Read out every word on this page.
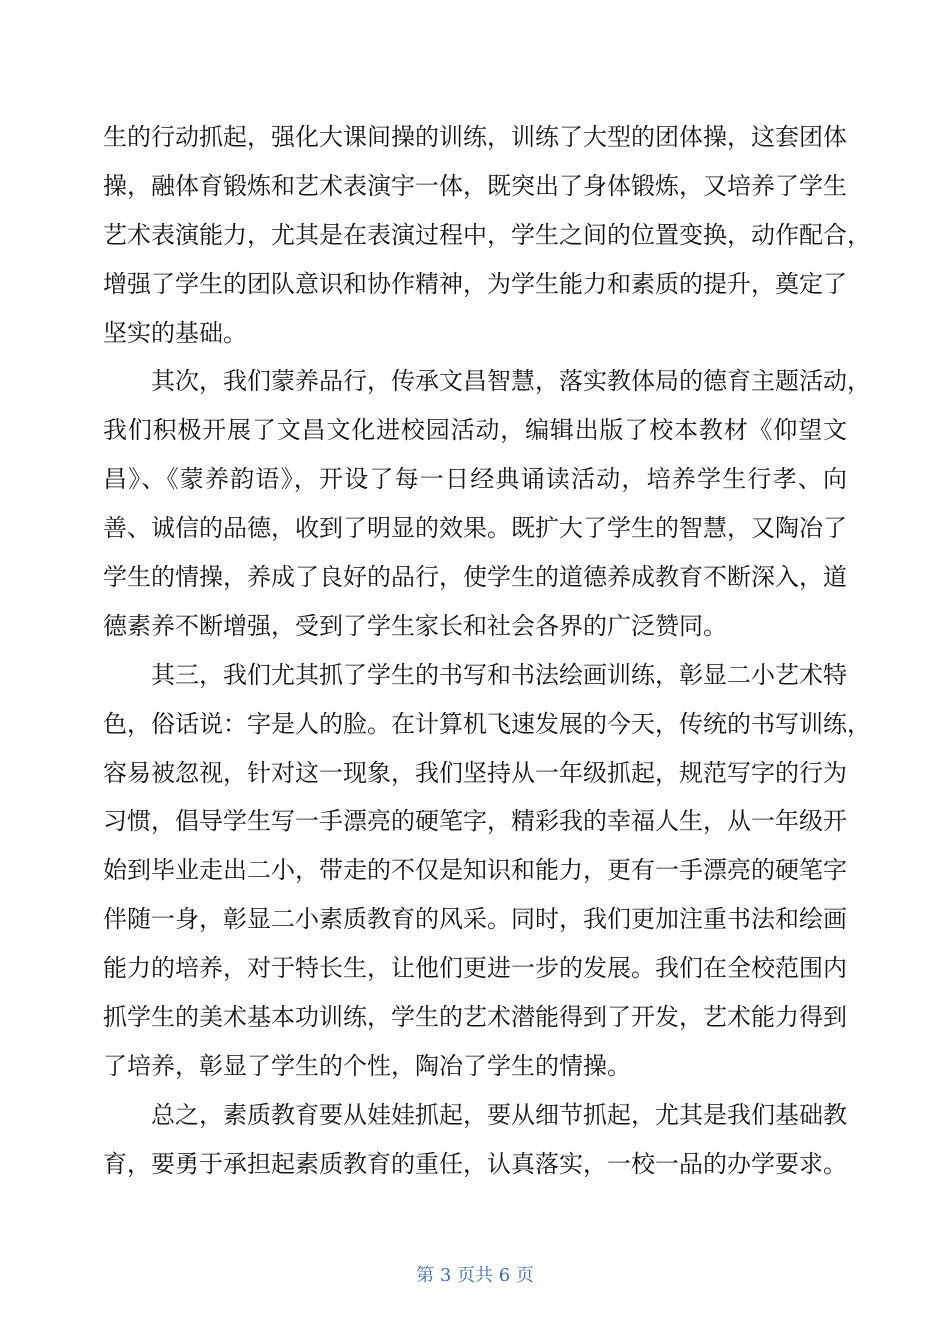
生的行动抓起，强化大课间操的训练，训练了大型的团体操，这套团体
操，融体育锻炼和艺术表演宇一体，既突出了身体锻炼，又培养了学生
艺术表演能力，尤其是在表演过程中，学生之间的位置变换，动作配合，
增强了学生的团队意识和协作精神，为学生能力和素质的提升，奠定了
坚实的基础。
　　其次，我们蒙养品行，传承文昌智慧，落实教体局的德育主题活动，
我们积极开展了文昌文化进校园活动，编辑出版了校本教材《仰望文
昌》、《蒙养韵语》，开设了每一日经典诵读活动，培养学生行孝、向
善、诚信的品德，收到了明显的效果。既扩大了学生的智慧，又陶冶了
学生的情操，养成了良好的品行，使学生的道德养成教育不断深入，道
德素养不断增强，受到了学生家长和社会各界的广泛赞同。
　　其三，我们尤其抓了学生的书写和书法绘画训练，彰显二小艺术特
色，俗话说：字是人的脸。在计算机飞速发展的今天，传统的书写训练，
容易被忽视，针对这一现象，我们坚持从一年级抓起，规范写字的行为
习惯，倡导学生写一手漂亮的硬笔字，精彩我的幸福人生，从一年级开
始到毕业走出二小，带走的不仅是知识和能力，更有一手漂亮的硬笔字
伴随一身，彰显二小素质教育的风采。同时，我们更加注重书法和绘画
能力的培养，对于特长生，让他们更进一步的发展。我们在全校范围内
抓学生的美术基本功训练，学生的艺术潜能得到了开发，艺术能力得到
了培养，彰显了学生的个性，陶冶了学生的情操。
　　总之，素质教育要从娃娃抓起，要从细节抓起，尤其是我们基础教
育，要勇于承担起素质教育的重任，认真落实，一校一品的办学要求。
第 3 页共 6 页
